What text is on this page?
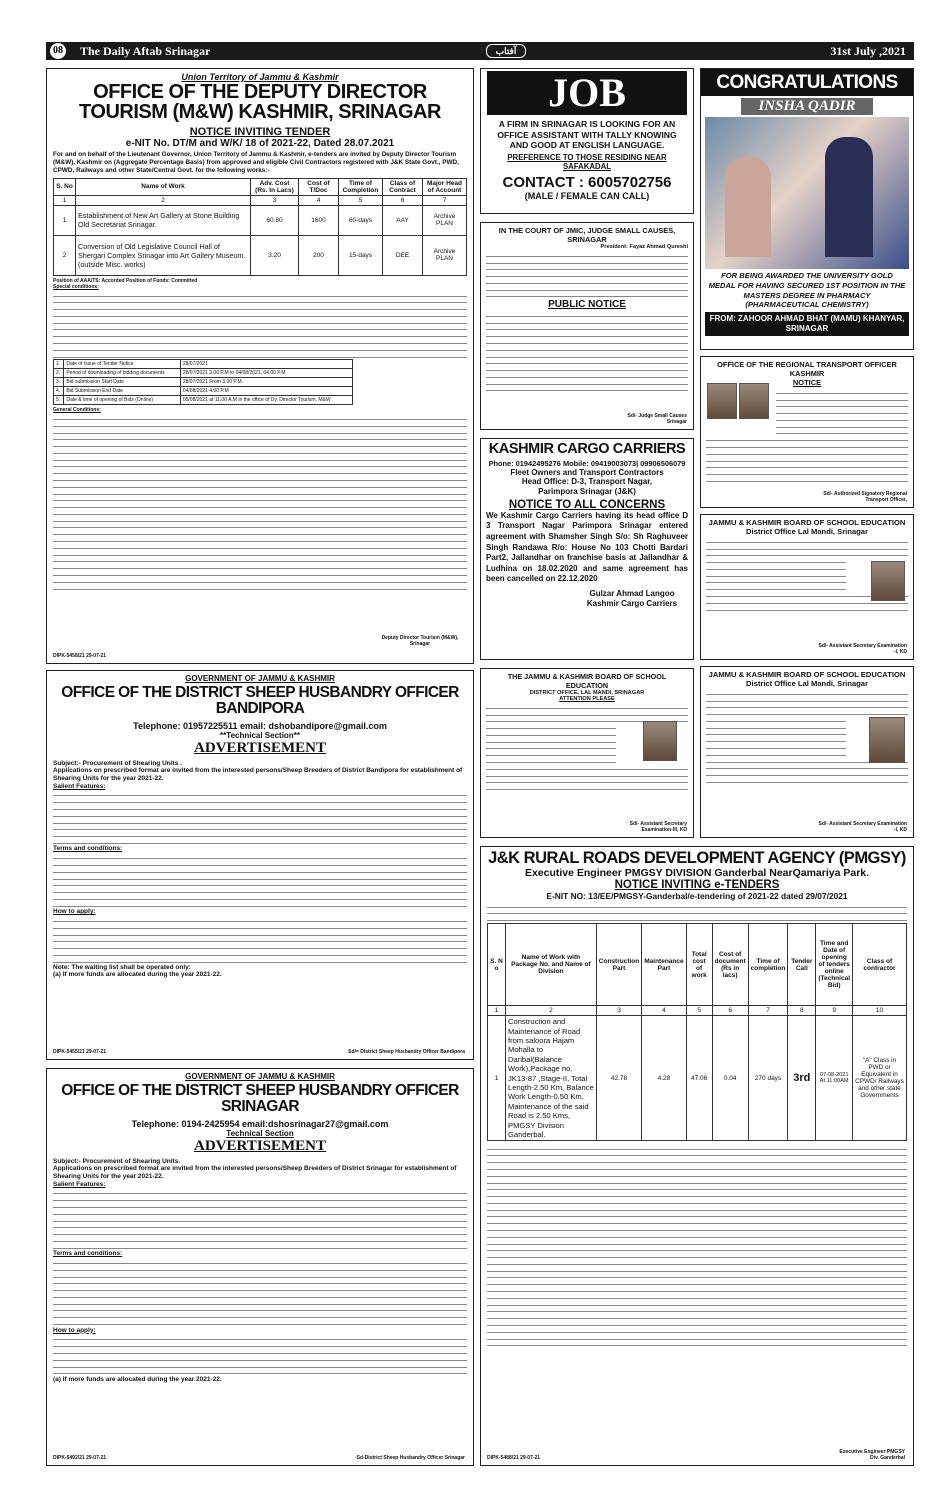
08 The Daily Aftab Srinagar	آفتاب	31st July ,2021
Union Territory of Jammu & Kashmir
OFFICE OF THE DEPUTY DIRECTOR
TOURISM (M&W) KASHMIR, SRINAGAR
NOTICE INVITING TENDER
e-NIT No. DT/M and W/K/ 18 of 2021-22, Dated 28.07.2021
For and on behalf of the Lieutenant Governor, Union Territory of Jammu & Kashmir, e-tenders are invited by Deputy Director Tourism (M&W), Kashmir on (Aggregate Percentage Basis) from approved and eligible Civil Contractors registered with J&K State Govt., PWD, CPWD, Railways and other State/Central Govt. for the following works:-
S. No	Name of Work	Adv. Cost (Rs. In Lacs)	Cost of T/Doc	Time of Completion	Class of Contract	Major Head of Account
1	2	3	4	5	6	7
1	Establishment of New Art Gallery at Stone Building Old Secretariat Srinagar.	60.80	1600	60-days	AAY	Archive PLAN
2	Conversion of Old Legislative Council Hall of Shergari Complex Srinagar into Art Gallery Museum.(outside Misc. works)	3.20	200	15-days	DEE	Archive PLAN
Position of AAA/TS: Accorded Position of Funds: Committed
Special conditions:
1.	Date of Issue of Tender Notice	28/07/2021
2.	Period of downloading of bidding documents	28/07/2021 3.00 P.M to 04/08/2021, 04.00 P.M
3.	Bid submission Start Date	28/07/2021 From 3.00 P.M.
4.	Bid Submission End Date	04/08/2021 4.00 P.M
5.	Date & time of opening of Bids (Online)	05/08/2021 at 11.00 A.M in the office of Dy. Director Tourism, M&W
General Conditions:
Deputy Director Tourism (M&W), Srinagar
DIPK-5458/21 29-07-21
GOVERNMENT OF JAMMU & KASHMIR
OFFICE OF THE DISTRICT SHEEP HUSBANDRY OFFICER BANDIPORA
Telephone: 01957225511 email: dshobandipore@gmail.com
**Technical Section**
ADVERTISEMENT
Subject:- Procurement of Shearing Units .
Applications on prescribed format are invited from the interested persons/Sheep Breeders of District Bandipora for establishment of Shearing Units for the year 2021-22.
Salient Features:
Terms and conditions:
How to apply:
Note: The waiting list shall be operated only:
(a) If more funds are allocated during the year 2021-22.
DIPK-5455/21 29-07-21	Sd/= District Sheep Husbandry Officer Bandipora
GOVERNMENT OF JAMMU & KASHMIR
OFFICE OF THE DISTRICT SHEEP HUSBANDRY OFFICER SRINAGAR
Telephone: 0194-2425954 email:dshosrinagar27@gmail.com
Technical Section
ADVERTISEMENT
Subject:- Procurement of Shearing Units.
Applications on prescribed format are invited from the interested persons/Sheep Breeders of District Srinagar for establishment of Shearing Units for the year 2021-22.
Salient Features:
Terms and conditions:
How to apply:
(a) If more funds are allocated during the year 2021-22.
DIPK-5492/21 29-07-21	-Sd-District Sheep Husbandry Officer Srinagar
JOB
A FIRM IN SRINAGAR IS LOOKING FOR AN OFFICE ASSISTANT WITH TALLY KNOWING AND GOOD AT ENGLISH LANGUAGE.
PREFERENCE TO THOSE RESIDING NEAR SAFAKADAL
CONTACT : 6005702756
(MALE / FEMALE CAN CALL)
CONGRATULATIONS
INSHA QADIR
FOR BEING AWARDED THE UNIVERSITY GOLD MEDAL FOR HAVING SECURED 1ST POSITION IN THE MASTERS DEGREE IN PHARMACY (PHARMACEUTICAL CHEMISTRY)
FROM: ZAHOOR AHMAD BHAT (MAMU) KHANYAR, SRINAGAR
IN THE COURT OF JMIC, JUDGE SMALL CAUSES, SRINAGAR
President: Fayaz Ahmad Qureshi
PUBLIC NOTICE
Sd/- Judge Small Causes Srinagar
KASHMIR CARGO CARRIERS
Phone: 01942495276 Mobile: 09419003073| 09906506079
Fleet Owners and Transport Contractors
Head Office: D-3, Transport Nagar, Parimpora Srinagar (J&K)
NOTICE TO ALL CONCERNS
We Kashmir Cargo Carriers having its head office D 3 Transport Nagar Parimpora Srinagar entered agreement with Shamsher Singh S/o: Sh Raghuveer Singh Randawa R/o: House No 103 Chotti Bardari Part2, Jallandhar on franchise basis at Jallandhar & Ludhina on 18.02.2020 and same agreement has been cancelled on 22.12.2020
Gulzar Ahmad Langoo Kashmir Cargo Carriers
OFFICE OF THE REGIONAL TRANSPORT OFFICER KASHMIR
NOTICE
Sd/- Authorized Signatory Regional Transport Officer,
JAMMU & KASHMIR BOARD OF SCHOOL EDUCATION
District Office Lal Mandi, Srinagar
Sd/- Assistant Secretary Examination -I, KD
THE JAMMU & KASHMIR BOARD OF SCHOOL EDUCATION
DISTRICT OFFICE, LAL MANDI, SRINAGAR
ATTENTION PLEASE
Sd/- Assistant Secretary Examination-III, KD
JAMMU & KASHMIR BOARD OF SCHOOL EDUCATION
District Office Lal Mandi, Srinagar
Sd/- Assistant Secretary Examination -I, KD
J&K RURAL ROADS DEVELOPMENT AGENCY (PMGSY)
Executive Engineer PMGSY DIVISION Ganderbal NearQamariya Park.
NOTICE INVITING e-TENDERS
E-NIT NO: 13/EE/PMGSY-Ganderbal/e-tendering of 2021-22 dated 29/07/2021
S. N o	Name of Work with Package No. and Name of Division	Construction Part	Maintenance Part	Total cost of work	Cost of document (Rs in lacs)	Time of completion	Tender Call	Time and Date of opening of tenders online (Technical Bid)	Class of contractor
1	2	3	4	5	6	7	8	9	10
1	Construction and Maintenance of Road from saloora Hajam Mohalla to Daribal(Balance Work),Package no. JK13-87 ,Stage-II, Total Length-2.50 Km, Balance Work Length-0.50 Km, Maintenance of the said Road is 2.50 Kms, PMGSY Division Ganderbal.	42.78	4.28	47.06	0.04	270 days	3rd	07-08-2021 At 11:00AM	"A" Class in PWD or Equivalent in CPWD/ Railways and other state Governments
DIPK-5488/21 29-07-21
Executive Engineer PMGSY Div. Ganderbal
